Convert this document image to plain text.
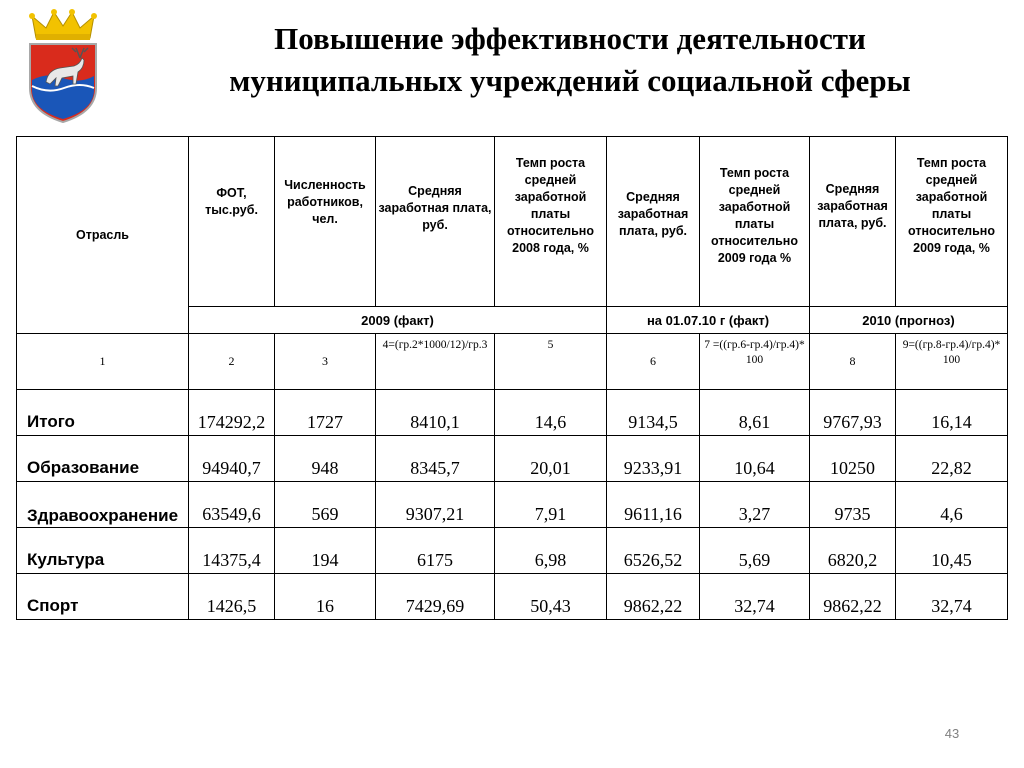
Повышение эффективности деятельности
муниципальных учреждений социальной сферы
Отрасль	ФОТ, тыс.руб.	Численность работников, чел.	Средняя заработная плата, руб.	Темп роста средней заработной платы относительно 2008 года, %	Средняя заработная плата, руб.	Темп роста средней заработной платы относительно 2009 года %	Средняя заработная плата, руб.	Темп роста средней заработной платы относительно 2009 года, %
	2009 (факт)				на 01.07.10 г (факт)		2010 (прогноз)	
1	2	3	4=(гр.2*1000/12)/гр.3	5	6	7 =((гр.6-гр.4)/гр.4)* 100	8	9=((гр.8-гр.4)/гр.4)* 100
Итого	174292,2	1727	8410,1	14,6	9134,5	8,61	9767,93	16,14
Образование	94940,7	948	8345,7	20,01	9233,91	10,64	10250	22,82

Здравоохранение	63549,6	569	9307,21	7,91	9611,16	3,27	9735	4,6
Культура	14375,4	194	6175	6,98	6526,52	5,69	6820,2	10,45
Спорт	1426,5	16	7429,69	50,43	9862,22	32,74	9862,22	32,74
43
